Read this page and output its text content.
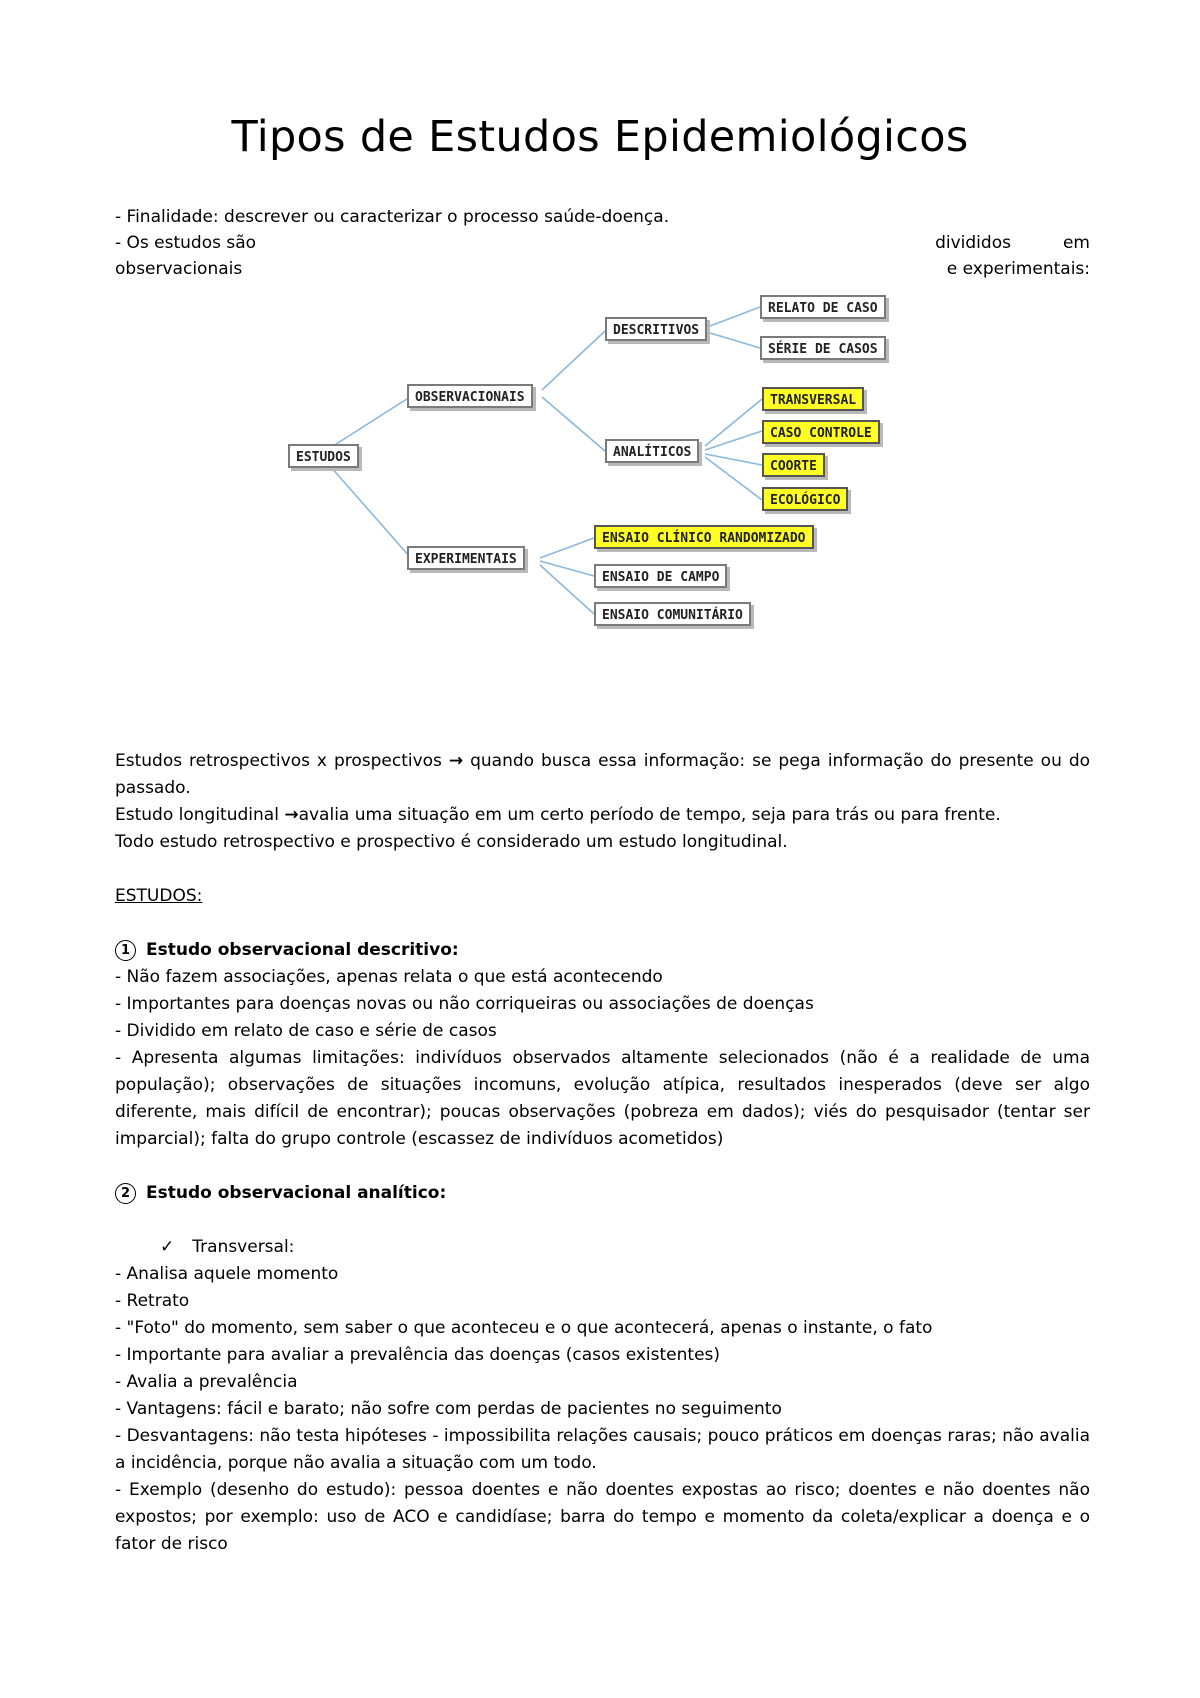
Tipos de Estudos Epidemiológicos
- Finalidade: descrever ou caracterizar o processo saúde-doença.
- Os estudos são	divididos	em
observacionais	e experimentais:
ESTUDOS
OBSERVACIONAIS
EXPERIMENTAIS
DESCRITIVOS
ANALÍTICOS
RELATO DE CASO
SÉRIE DE CASOS
TRANSVERSAL
CASO CONTROLE
COORTE
ECOLÓGICO
ENSAIO CLÍNICO RANDOMIZADO
ENSAIO DE CAMPO
ENSAIO COMUNITÁRIO

Estudos retrospectivos x prospectivos → quando busca essa informação: se pega informação do presente ou do passado.

Estudo longitudinal →avalia uma situação em um certo período de tempo, seja para trás ou para frente.

Todo estudo retrospectivo e prospectivo é considerado um estudo longitudinal.
ESTUDOS:
1 Estudo observacional descritivo:
- Não fazem associações, apenas relata o que está acontecendo
- Importantes para doenças novas ou não corriqueiras ou associações de doenças
- Dividido em relato de caso e série de casos

- Apresenta algumas limitações: indivíduos observados altamente selecionados (não é a realidade de uma população); observações de situações incomuns, evolução atípica, resultados inesperados (deve ser algo diferente, mais difícil de encontrar); poucas observações (pobreza em dados); viés do pesquisador (tentar ser imparcial); falta do grupo controle (escassez de indivíduos acometidos)

2 Estudo observacional analítico:
✓ Transversal:
- Analisa aquele momento
- Retrato
- "Foto" do momento, sem saber o que aconteceu e o que acontecerá, apenas o instante, o fato
- Importante para avaliar a prevalência das doenças (casos existentes)
- Avalia a prevalência
- Vantagens: fácil e barato; não sofre com perdas de pacientes no seguimento

- Desvantagens: não testa hipóteses - impossibilita relações causais; pouco práticos em doenças raras; não avalia a incidência, porque não avalia a situação com um todo.

- Exemplo (desenho do estudo): pessoa doentes e não doentes expostas ao risco; doentes e não doentes não expostos; por exemplo: uso de ACO e candidíase; barra do tempo e momento da coleta/explicar a doença e o fator de risco
